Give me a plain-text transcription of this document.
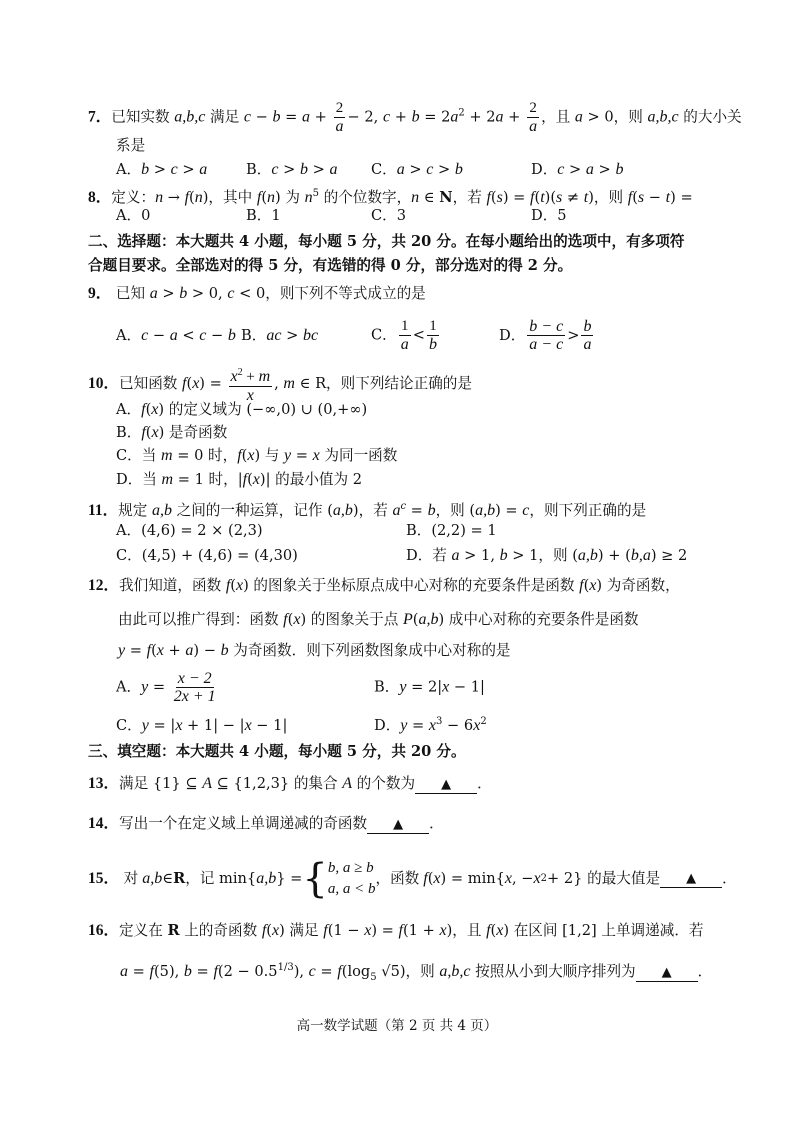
7．已知实数 a,b,c 满足 $c - b = a + \frac{2}{a} - 2$, $c + b = 2a^2 + 2a + \frac{2}{a}$ ，且 a > 0，则 a,b,c 的大小关
系是
A．b > c > a	B．c > b > a C．a > c > b	D．c > a > b
8．定义：n → f(n)，其中 f(n) 为 $n^5$ 的个位数字，n ∈ N，若 f(s) = f(t)(s ≠ t)，则 f(s − t) =
A．0	B．1	C．3	D．5
二、选择题：本大题共 4 小题，每小题 5 分，共 20 分。在每小题给出的选项中，有多项符
合题目要求。全部选对的得 5 分，有选错的得 0 分，部分选对的得 2 分。
9． 已知 a > b > 0, c < 0，则下列不等式成立的是
A．c − a < c − b B．ac > bc	C． $\frac{1}{a} < \frac{1}{b}$	D． $\frac{b - c}{a - c} > \frac{b}{a}$
10．已知函数 $f(x) = \frac{x^2 + m}{x}$ , m ∈ R，则下列结论正确的是
A．f(x) 的定义域为 (−∞,0) ∪ (0,+∞)
B．f(x) 是奇函数
C．当 m = 0 时，f(x) 与 y = x 为同一函数
D．当 m = 1 时，|f(x)| 的最小值为 2
11．规定 a,b 之间的一种运算，记作 (a,b)，若 $a^c = b$，则 (a,b) = c，则下列正确的是
A．(4,6) = 2 × (2,3)	B．(2,2) = 1
C．(4,5) + (4,6) = (4,30)	D．若 a > 1, b > 1，则 (a,b) + (b,a) ≥ 2
12．我们知道，函数 f(x) 的图象关于坐标原点成中心对称的充要条件是函数 f(x) 为奇函数，
由此可以推广得到：函数 f(x) 的图象关于点 P(a,b) 成中心对称的充要条件是函数
y = f(x + a) − b 为奇函数．则下列函数图象成中心对称的是
A．$y = \frac{x - 2}{2x + 1}$	B．y = 2|x − 1|
C．y = |x + 1| − |x − 1|	D．$y = x^3 - 6x^2$
三、填空题：本大题共 4 小题，每小题 5 分，共 20 分。
13．满足 {1} ⊆ A ⊆ {1,2,3} 的集合 A 的个数为 ▲ ．
14．写出一个在定义域上单调递减的奇函数 ▲ ．
15． 对 a,b ∈ R ，记 min{ a,b } = { b, a ≥ b
a, a < b
，函数 f ( x ) = min{ x , − x 2 + 2} 的最大值是	▲	．
16．定义在 R 上的奇函数 f(x) 满足 f(1 − x) = f(1 + x)，且 f(x) 在区间 [1,2] 上单调递减．若
a = f(5), $b = f(2 - 0.5^{1/3})$, $c = f(\log_5$ √5)，则 a,b,c 按照从小到大顺序排列为 ▲ ．
高一数学试题（第 2 页 共 4 页）
